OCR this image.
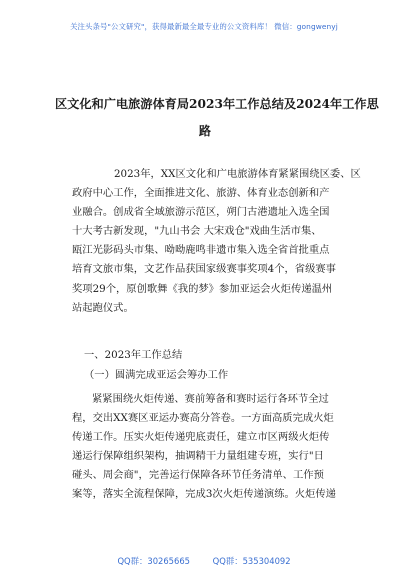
关注头条号"公文研究"，获得最新最全最专业的公文资料库！ 微信：gongwenyj
区文化和广电旅游体育局2023年工作总结及2024年工作思
路
2023年，XX区文化和广电旅游体育紧紧围绕区委、区
政府中心工作，全面推进文化、旅游、体育业态创新和产
业融合。创成省全域旅游示范区，朔门古港遗址入选全国
十大考古新发现，"九山书会 大宋戏仓"戏曲生活市集、
瓯江光影码头市集、呦呦鹿鸣非遗市集入选全省首批重点
培育文旅市集，文艺作品获国家级赛事奖项4个，省级赛事
奖项29个，原创歌舞《我的梦》参加亚运会火炬传递温州
站起跑仪式。
一、2023年工作总结
（一）圆满完成亚运会筹办工作
紧紧围绕火炬传递、赛前筹备和赛时运行各环节全过
程，交出XX赛区亚运办赛高分答卷。一方面高质完成火炬
传递工作。压实火炬传递兜底责任，建立市区两级火炬传
递运行保障组织架构，抽调精干力量组建专班，实行"日
碰头、周会商"，完善运行保障各环节任务清单、工作预
案等，落实全流程保障，完成3次火炬传递演练。火炬传递
QQ群：30265665	QQ群：535304092
